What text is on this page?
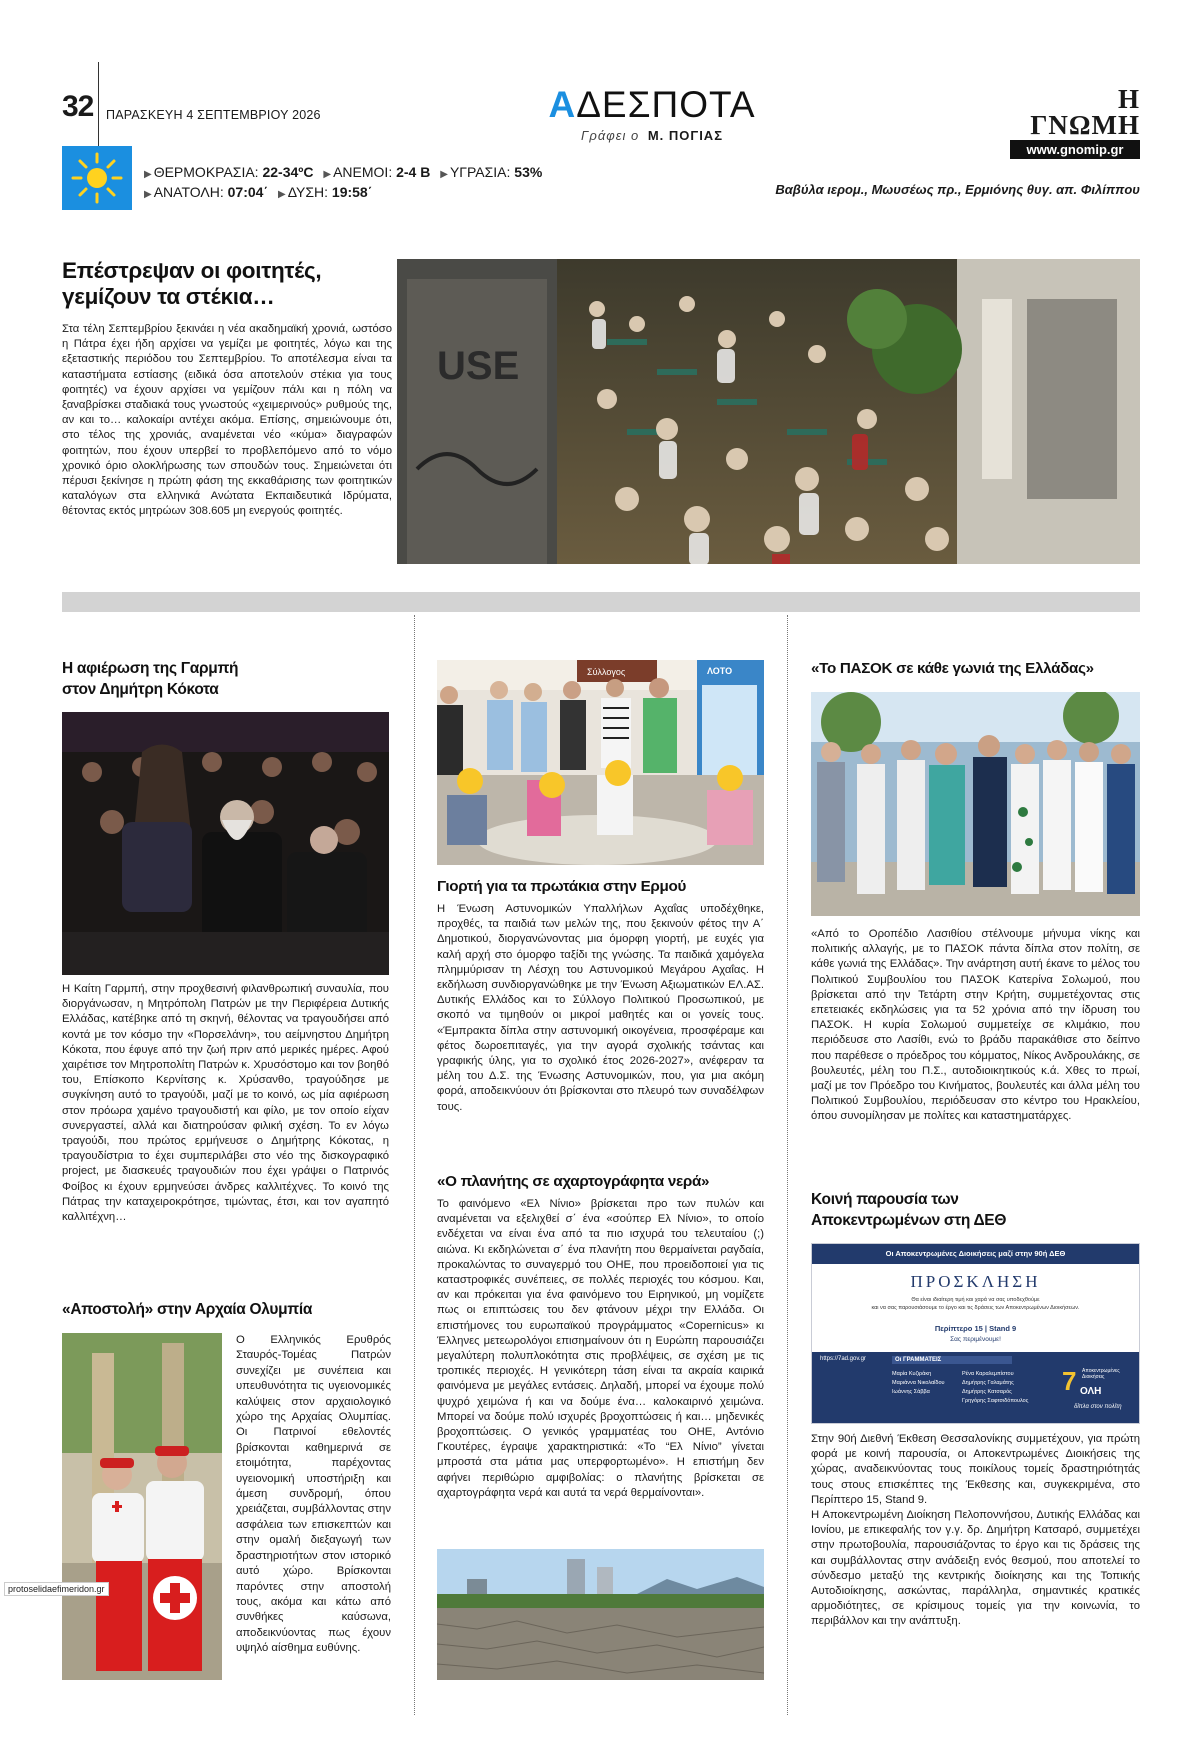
32 ΠΑΡΑΣΚΕΥΗ 4 ΣΕΠΤΕΜΒΡΙΟΥ 2026	ΑΔΕΣΠΟΤΑ
Γράφει ο Μ. ΠΟΓΙΑΣ
Η ΓΝΩΜΗ
www.gnomip.gr
▶ ΘΕΡΜΟΚΡΑΣΙΑ: 22-34ºC ▶ ΑΝΕΜΟΙ: 2-4 Β ▶ ΥΓΡΑΣΙΑ: 53%
▶ ΑΝΑΤΟΛΗ: 07:04΄ ▶ ΔΥΣΗ: 19:58΄	Βαβύλα ιερομ., Μωυσέως πρ., Ερμιόνης θυγ. απ. Φιλίππου
Επέστρεψαν οι φοιτητές,
γεμίζουν τα στέκια…
Στα τέλη Σεπτεμβρίου ξεκινάει η νέα ακαδημαϊκή χρονιά, ωστόσο η Πάτρα έχει ήδη αρχίσει να γεμίζει με φοιτητές, λόγω και της εξεταστικής περιόδου του Σεπτεμβρίου. Το αποτέλεσμα είναι τα καταστήματα εστίασης (ειδικά όσα αποτελούν στέκια για τους φοιτητές) να έχουν αρχίσει να γεμίζουν πάλι και η πόλη να ξαναβρίσκει σταδιακά τους γνωστούς «χειμερινούς» ρυθμούς της, αν και το… καλοκαίρι αντέχει ακόμα. Επίσης, σημειώνουμε ότι, στο τέλος της χρονιάς, αναμένεται νέο «κύμα» διαγραφών φοιτητών, που έχουν υπερβεί το προβλεπόμενο από το νόμο χρονικό όριο ολοκλήρωσης των σπουδών τους. Σημειώνεται ότι πέρυσι ξεκίνησε η πρώτη φάση της εκκαθάρισης των φοιτητικών καταλόγων στα ελληνικά Ανώτατα Εκπαιδευτικά Ιδρύματα, θέτοντας εκτός μητρώων 308.605 μη ενεργούς φοιτητές.
USE
Η αφιέρωση της Γαρμπή
στον Δημήτρη Κόκοτα
Η Καίτη Γαρμπή, στην προχθεσινή φιλανθρωπική συναυλία, που διοργάνωσαν, η Μητρόπολη Πατρών με την Περιφέρεια Δυτικής Ελλάδας, κατέβηκε από τη σκηνή, θέλοντας να τραγουδήσει από κοντά με τον κόσμο την «Πορσελάνη», του αείμνηστου Δημήτρη Κόκοτα, που έφυγε από την ζωή πριν από μερικές ημέρες. Αφού χαιρέτισε τον Μητροπολίτη Πατρών κ. Χρυσόστομο και τον βοηθό του, Επίσκοπο Κερνίτσης κ. Χρύσανθο, τραγούδησε με συγκίνηση αυτό το τραγούδι, μαζί με το κοινό, ως μία αφιέρωση στον πρόωρα χαμένο τραγουδιστή και φίλο, με τον οποίο είχαν συνεργαστεί, αλλά και διατηρούσαν φιλική σχέση. Το εν λόγω τραγούδι, που πρώτος ερμήνευσε ο Δημήτρης Κόκοτας, η τραγουδίστρια το έχει συμπεριλάβει στο νέο της δισκογραφικό project, με διασκευές τραγουδιών που έχει γράψει ο Πατρινός Φοίβος κι έχουν ερμηνεύσει άνδρες καλλιτέχνες. Το κοινό της Πάτρας την καταχειροκρότησε, τιμώντας, έτσι, και τον αγαπητό καλλιτέχνη…
«Αποστολή» στην Αρχαία Ολυμπία
Ο Ελληνικός Ερυθρός Σταυρός-Τομέας Πατρών συνεχίζει με συνέπεια και υπευθυνότητα τις υγειονομικές καλύψεις στον αρχαιολογικό χώρο της Αρχαίας Ολυμπίας. Οι Πατρινοί εθελοντές βρίσκονται καθημερινά σε ετοιμότητα, παρέχοντας υγειονομική υποστήριξη και άμεση συνδρομή, όπου χρειάζεται, συμβάλλοντας στην ασφάλεια των επισκεπτών και στην ομαλή διεξαγωγή των δραστηριοτήτων στον ιστορικό αυτό χώρο. Βρίσκονται παρόντες στην αποστολή τους, ακόμα και κάτω από συνθήκες καύσωνα, αποδεικνύοντας πως έχουν υψηλό αίσθημα ευθύνης.
Σύλλογος	ΛΟΤΟ
Γιορτή για τα πρωτάκια στην Ερμού
Η Ένωση Αστυνομικών Υπαλλήλων Αχαΐας υποδέχθηκε, προχθές, τα παιδιά των μελών της, που ξεκινούν φέτος την Α΄ Δημοτικού, διοργανώνοντας μια όμορφη γιορτή, με ευχές για καλή αρχή στο όμορφο ταξίδι της γνώσης. Τα παιδικά χαμόγελα πλημμύρισαν τη Λέσχη του Αστυνομικού Μεγάρου Αχαΐας. Η εκδήλωση συνδιοργανώθηκε με την Ένωση Αξιωματικών ΕΛ.ΑΣ. Δυτικής Ελλάδος και το Σύλλογο Πολιτικού Προσωπικού, με σκοπό να τιμηθούν οι μικροί μαθητές και οι γονείς τους. «Έμπρακτα δίπλα στην αστυνομική οικογένεια, προσφέραμε και φέτος δωροεπιταγές, για την αγορά σχολικής τσάντας και γραφικής ύλης, για το σχολικό έτος 2026-2027», ανέφεραν τα μέλη του Δ.Σ. της Ένωσης Αστυνομικών, που, για μια ακόμη φορά, αποδεικνύουν ότι βρίσκονται στο πλευρό των συναδέλφων τους.
«Ο πλανήτης σε αχαρτογράφητα νερά»
Το φαινόμενο «Ελ Νίνιο» βρίσκεται προ των πυλών και αναμένεται να εξελιχθεί σ΄ ένα «σούπερ Ελ Νίνιο», το οποίο ενδέχεται να είναι ένα από τα πιο ισχυρά του τελευταίου (;) αιώνα. Κι εκδηλώνεται σ΄ ένα πλανήτη που θερμαίνεται ραγδαία, προκαλώντας το συναγερμό του ΟΗΕ, που προειδοποιεί για τις καταστροφικές συνέπειες, σε πολλές περιοχές του κόσμου. Και, αν και πρόκειται για ένα φαινόμενο του Ειρηνικού, μη νομίζετε πως οι επιπτώσεις του δεν φτάνουν μέχρι την Ελλάδα. Οι επιστήμονες του ευρωπαϊκού προγράμματος «Copernicus» κι Έλληνες μετεωρολόγοι επισημαίνουν ότι η Ευρώπη παρουσιάζει μεγαλύτερη πολυπλοκότητα στις προβλέψεις, σε σχέση με τις τροπικές περιοχές. Η γενικότερη τάση είναι τα ακραία καιρικά φαινόμενα με μεγάλες εντάσεις. Δηλαδή, μπορεί να έχουμε πολύ ψυχρό χειμώνα ή και να δούμε ένα… καλοκαιρινό χειμώνα. Μπορεί να δούμε πολύ ισχυρές βροχοπτώσεις ή και… μηδενικές βροχοπτώσεις. Ο γενικός γραμματέας του ΟΗΕ, Αντόνιο Γκουτέρες, έγραψε χαρακτηριστικά: «Το “Ελ Νίνιο” γίνεται μπροστά στα μάτια μας υπερφορτωμένο». Η επιστήμη δεν αφήνει περιθώριο αμφιβολίας: ο πλανήτης βρίσκεται σε αχαρτογράφητα νερά και αυτά τα νερά θερμαίνονται».
«Το ΠΑΣΟΚ σε κάθε γωνιά της Ελλάδας»
«Από το Οροπέδιο Λασιθίου στέλνουμε μήνυμα νίκης και πολιτικής αλλαγής, με το ΠΑΣΟΚ πάντα δίπλα στον πολίτη, σε κάθε γωνιά της Ελλάδας». Την ανάρτηση αυτή έκανε το μέλος του Πολιτικού Συμβουλίου του ΠΑΣΟΚ Κατερίνα Σολωμού, που βρίσκεται από την Τετάρτη στην Κρήτη, συμμετέχοντας στις επετειακές εκδηλώσεις για τα 52 χρόνια από την ίδρυση του ΠΑΣΟΚ. Η κυρία Σολωμού συμμετείχε σε κλιμάκιο, που περιόδευσε στο Λασίθι, ενώ το βράδυ παρακάθισε στο δείπνο που παρέθεσε ο πρόεδρος του κόμματος, Νίκος Ανδρουλάκης, σε βουλευτές, μέλη του Π.Σ., αυτοδιοικητικούς κ.ά. Χθες το πρωί, μαζί με τον Πρόεδρο του Κινήματος, βουλευτές και άλλα μέλη του Πολιτικού Συμβουλίου, περιόδευσαν στο κέντρο του Ηρακλείου, όπου συνομίλησαν με πολίτες και καταστηματάρχες.
Κοινή παρουσία των
Αποκεντρωμένων στη ΔΕΘ
Οι Αποκεντρωμένες Διοικήσεις μαζί στην 90ή ΔΕΘ
ΠΡΟΣΚΛΗΣΗ
Θα είναι ιδιαίτερη τιμή και χαρά να σας υποδεχθούμε
και να σας παρουσιάσουμε το έργο και τις δράσεις των Αποκεντρωμένων Διοικήσεων.
Περίπτερο 15 | Stand 9
Σας περιμένουμε!
https://7ad.gov.gr	Οι ΓΡΑΜΜΑΤΕΙΣ
Μαρία Κυζιράκη
Μαριάννα Νικολαΐδου
Ιωάννης Σάββα
Ρένα Καραλεμπίστου
Δημήτρης Γαλαμάτης
Δημήτρης Κατσαρός
Γρηγόρης Σαφτσιδόπουλος
7 Αποκεντρωμένες Διοικήσεις
ΟΛΗ
δίπλα στον πολίτη
Στην 90ή Διεθνή Έκθεση Θεσσαλονίκης συμμετέχουν, για πρώτη φορά με κοινή παρουσία, οι Αποκεντρωμένες Διοικήσεις της χώρας, αναδεικνύοντας τους ποικίλους τομείς δραστηριότητάς τους στους επισκέπτες της Έκθεσης και, συγκεκριμένα, στο Περίπτερο 15, Stand 9.
Η Αποκεντρωμένη Διοίκηση Πελοποννήσου, Δυτικής Ελλάδας και Ιονίου, με επικεφαλής τον γ.γ. δρ. Δημήτρη Κατσαρό, συμμετέχει στην πρωτοβουλία, παρουσιάζοντας το έργο και τις δράσεις της και συμβάλλοντας στην ανάδειξη ενός θεσμού, που αποτελεί το σύνδεσμο μεταξύ της κεντρικής διοίκησης και της Τοπικής Αυτοδιοίκησης, ασκώντας, παράλληλα, σημαντικές κρατικές αρμοδιότητες, σε κρίσιμους τομείς για την κοινωνία, το περιβάλλον και την ανάπτυξη.
protoselidaefimeridon.gr
